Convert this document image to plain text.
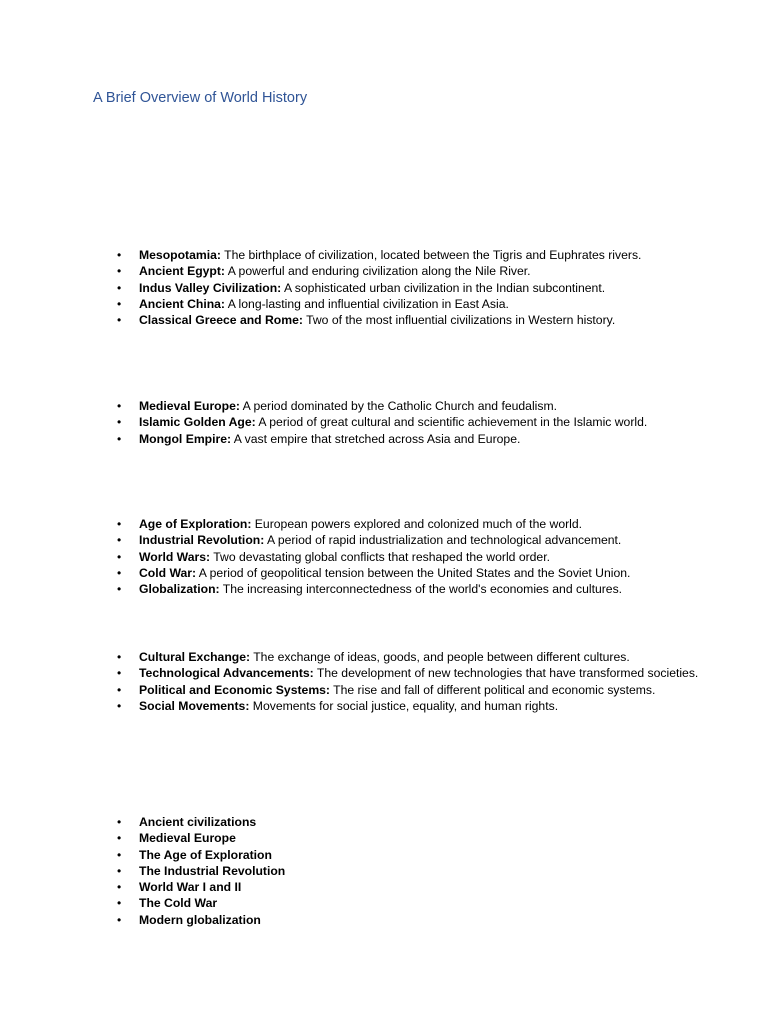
A Brief Overview of World History
• Mesopotamia: The birthplace of civilization, located between the Tigris and Euphrates rivers.
• Ancient Egypt: A powerful and enduring civilization along the Nile River.
• Indus Valley Civilization: A sophisticated urban civilization in the Indian subcontinent.
• Ancient China: A long-lasting and influential civilization in East Asia.
• Classical Greece and Rome: Two of the most influential civilizations in Western history.
• Medieval Europe: A period dominated by the Catholic Church and feudalism.
• Islamic Golden Age: A period of great cultural and scientific achievement in the Islamic world.
• Mongol Empire: A vast empire that stretched across Asia and Europe.
• Age of Exploration: European powers explored and colonized much of the world.
• Industrial Revolution: A period of rapid industrialization and technological advancement.
• World Wars: Two devastating global conflicts that reshaped the world order.
• Cold War: A period of geopolitical tension between the United States and the Soviet Union.
• Globalization: The increasing interconnectedness of the world's economies and cultures.
• Cultural Exchange: The exchange of ideas, goods, and people between different cultures.
• Technological Advancements: The development of new technologies that have transformed societies.
• Political and Economic Systems: The rise and fall of different political and economic systems.
• Social Movements: Movements for social justice, equality, and human rights.
• Ancient civilizations
• Medieval Europe
• The Age of Exploration
• The Industrial Revolution
• World War I and II
• The Cold War
• Modern globalization
